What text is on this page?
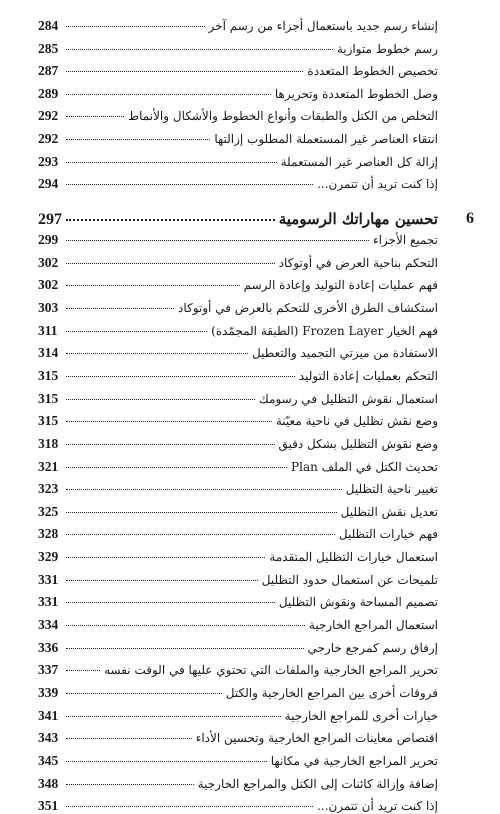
284	إنشاء رسم جديد باستعمال أجزاء من رسم آخر
285	رسم خطوط متوازية
287	تخصيص الخطوط المتعددة
289	وصل الخطوط المتعددة وتحريرها
292	التخلص من الكتل والطبقات وأنواع الخطوط والأشكال والأنماط
292	انتقاء العناصر غير المستعملة المطلوب إزالتها
293	إزالة كل العناصر غير المستعملة
294	إذا كنت تريد أن تتمرن...
297	تحسين مهاراتك الرسومية 6
299	تجميع الأجزاء
302	التحكم بناحية العرض في أوتوكاد
302	فهم عمليات إعادة التوليد وإعادة الرسم
303	استكشاف الطرق الأخرى للتحكم بالعرض في أوتوكاد
311	فهم الخيار Frozen Layer (الطبقة المجمّدة)
314	الاستفادة من ميزتي التجميد والتعطيل
315	التحكم بعمليات إعادة التوليد
315	استعمال نقوش التظليل في رسومك
315	وضع نقش تظليل في ناحية معيّنة
318	وضع نقوش التظليل بشكل دقيق
321	تحديث الكتل في الملف Plan
323	تغيير ناحية التظليل
325	تعديل نقش التظليل
328	فهم خيارات التظليل
329	استعمال خيارات التظليل المتقدمة
331	تلميحات عن استعمال حدود التظليل
331	تصميم المساحة ونقوش التظليل
334	استعمال المراجع الخارجية
336	إرفاق رسم كمرجع خارجي
337	تحرير المراجع الخارجية والملفات التي تحتوي عليها في الوقت نفسه
339	فروقات أخرى بين المراجع الخارجية والكتل
341	خيارات أخرى للمراجع الخارجية
343	اقتصاص معاينات المراجع الخارجية وتحسين الأداء
345	تحرير المراجع الخارجية في مكانها
348	إضافة وإزالة كائنات إلى الكتل والمراجع الخارجية
351	إذا كنت تريد أن تتمرن...
